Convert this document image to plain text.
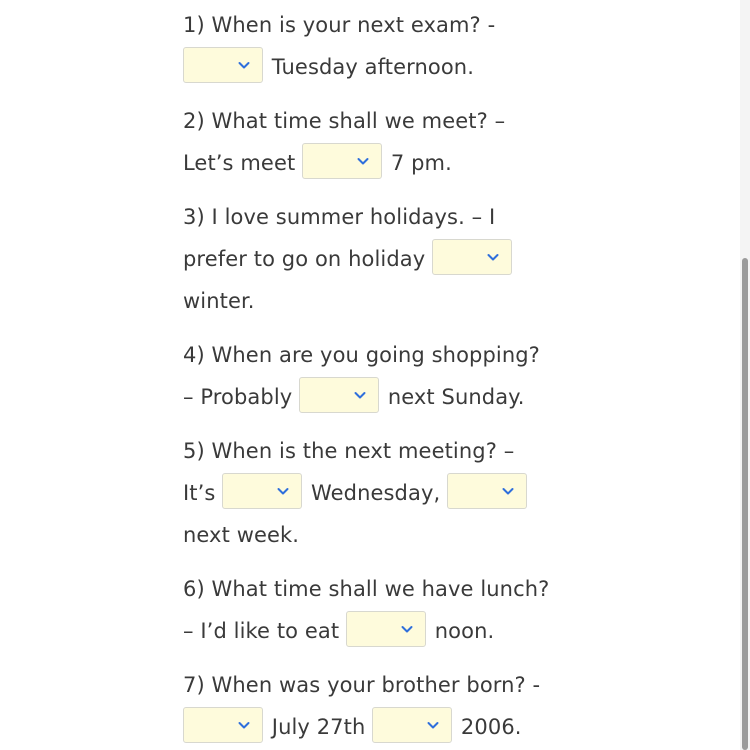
1) When is your next exam? -

Tuesday afternoon.
2) What time shall we meet? –
Let’s meet	7 pm.
3) I love summer holidays. – I
prefer to go on holiday

winter.
4) When are you going shopping?
– Probably	next Sunday.
5) When is the next meeting? –
It’s	Wednesday,

next week.
6) What time shall we have lunch?
– I’d like to eat	noon.
7) When was your brother born? -

July 27th	2006.
